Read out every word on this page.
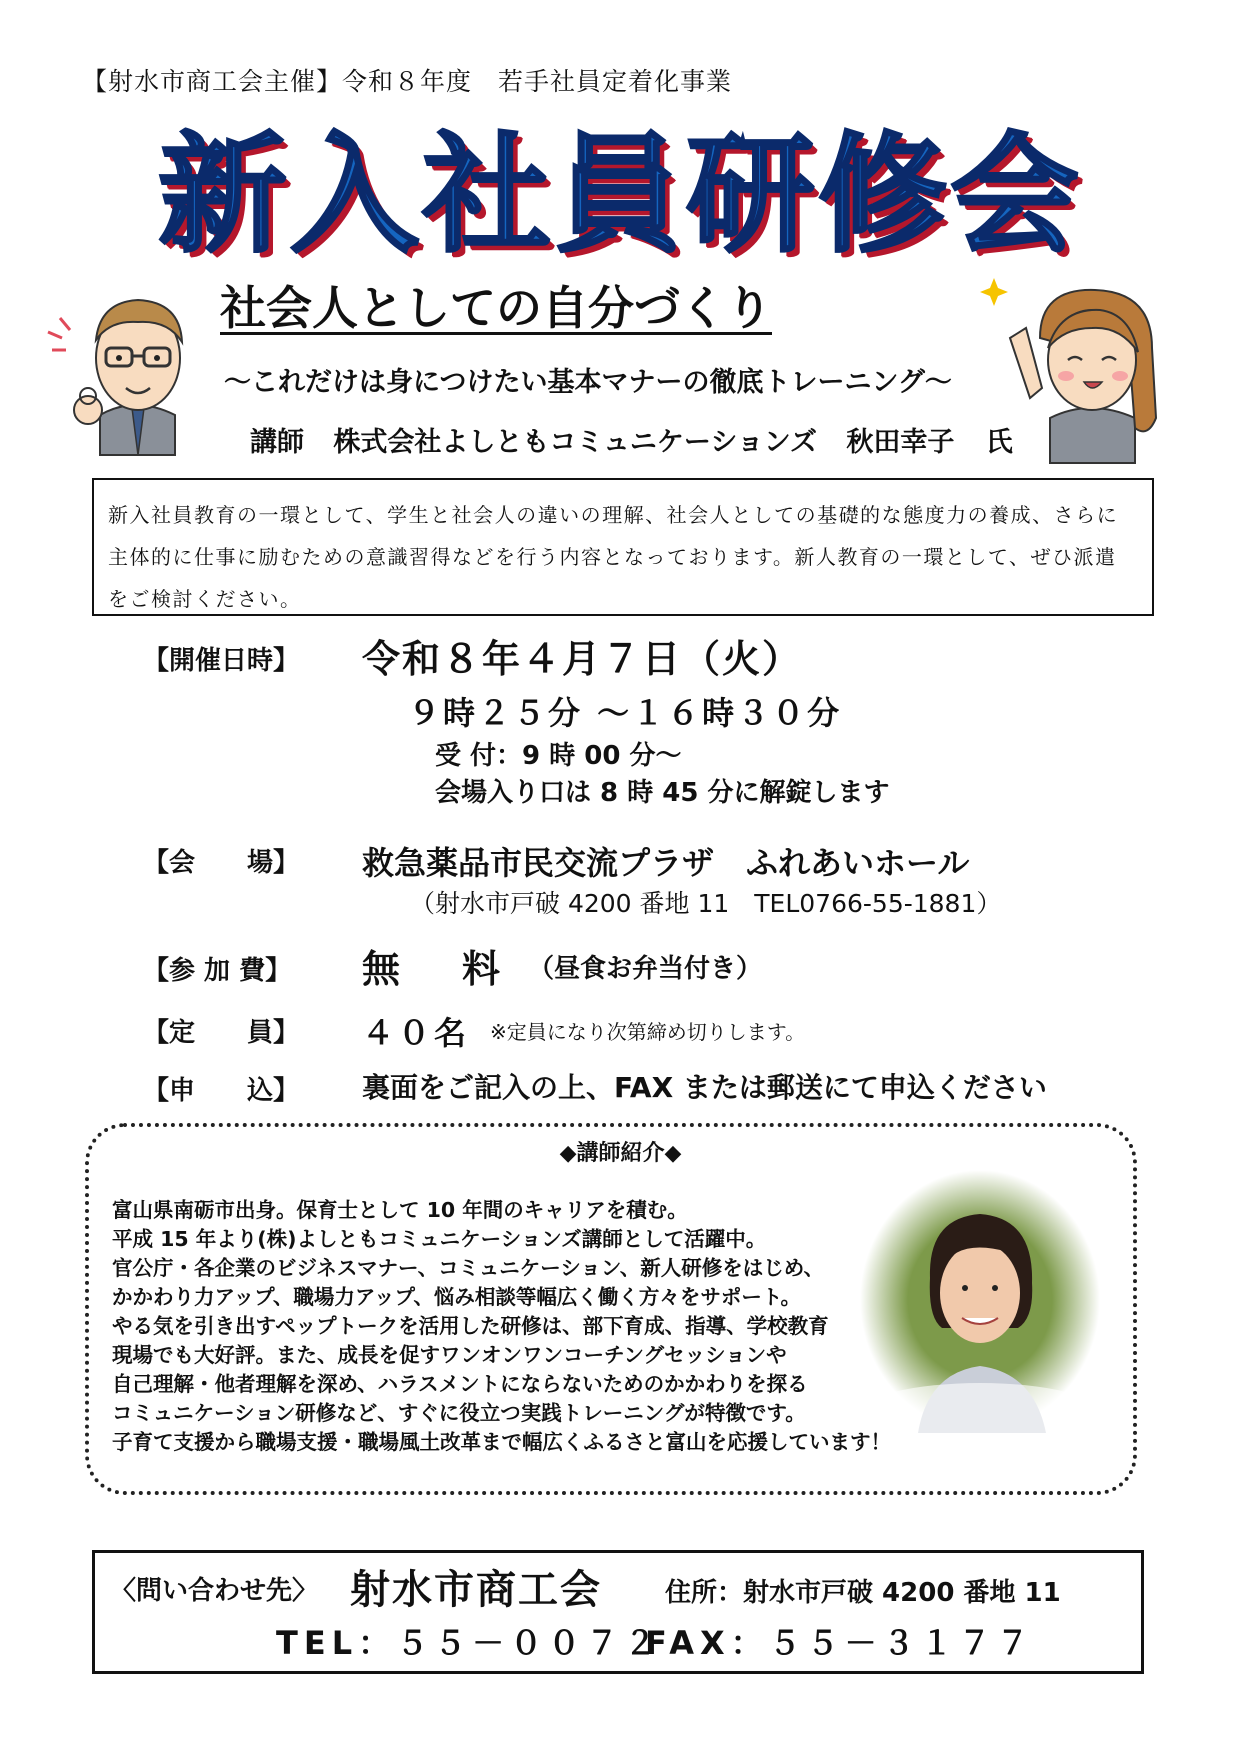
【射水市商工会主催】令和８年度　若手社員定着化事業
新入社員研修会
社会人としての自分づくり
～これだけは身につけたい基本マナーの徹底トレーニング～
講師 株式会社よしともコミュニケーションズ 秋田幸子 氏
新入社員教育の一環として、学生と社会人の違いの理解、社会人としての基礎的な態度力の養成、さらに
主体的に仕事に励むための意識習得などを行う内容となっております。新人教育の一環として、ぜひ派遣
をご検討ください。
【開催日時】	令和８年４月７日（火）
９時２５分 ～１６時３０分
受 付：9 時 00 分～
会場入り口は 8 時 45 分に解錠します
【会　　場】	救急薬品市民交流プラザ　ふれあいホール
（射水市戸破 4200 番地 11　TEL0766-55-1881）
【参 加 費】	無　料 （昼食お弁当付き）
【定　　員】	４０名 ※定員になり次第締め切りします。
【申　　込】	裏面をご記入の上、FAX または郵送にて申込ください
◆講師紹介◆
富山県南砺市出身。保育士として 10 年間のキャリアを積む。
平成 15 年より(株)よしともコミュニケーションズ講師として活躍中。
官公庁・各企業のビジネスマナー、コミュニケーション、新人研修をはじめ、
かかわり力アップ、職場力アップ、悩み相談等幅広く働く方々をサポート。
やる気を引き出すペップトークを活用した研修は、部下育成、指導、学校教育
現場でも大好評。また、成長を促すワンオンワンコーチングセッションや
自己理解・他者理解を深め、ハラスメントにならないためのかかわりを探る
コミュニケーション研修など、すぐに役立つ実践トレーニングが特徴です。
子育て支援から職場支援・職場風土改革まで幅広くふるさと富山を応援しています！
〈問い合わせ先〉 射水市商工会 住所：射水市戸破 4200 番地 11
TEL：５５－００７２
FAX：５５－３１７７
